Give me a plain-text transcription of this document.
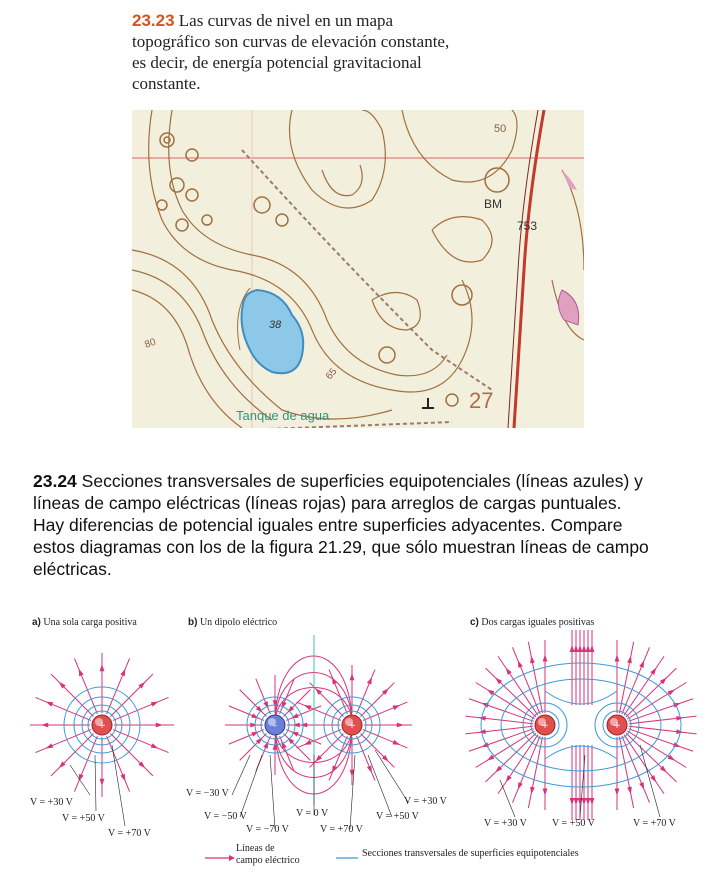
23.23 Las curvas de nivel en un mapa topográfico son curvas de elevación constante, es decir, de energía potencial gravitacional constante.
38
80
65
50
BM
753
27
Tanque de agua
23.24 Secciones transversales de superficies equipotenciales (líneas azules) y líneas de campo eléctricas (líneas rojas) para arreglos de cargas puntuales. Hay diferencias de potencial iguales entre superficies adyacentes. Compare estos diagramas con los de la figura 21.29, que sólo muestran líneas de campo eléctricas.
+	–	+	+	+
a) Una sola carga positiva	b) Un dipolo eléctrico	c) Dos cargas iguales positivas
V = +30 V
V = +50 V
V = +70 V
V = −30 V
V = −50 V
V = −70 V
V = 0 V
V = +70 V
V = +50 V
V = +30 V
V = +30 V	V = +50 V	V = +70 V
Líneas de
campo eléctrico
Secciones transversales de superficies equipotenciales
